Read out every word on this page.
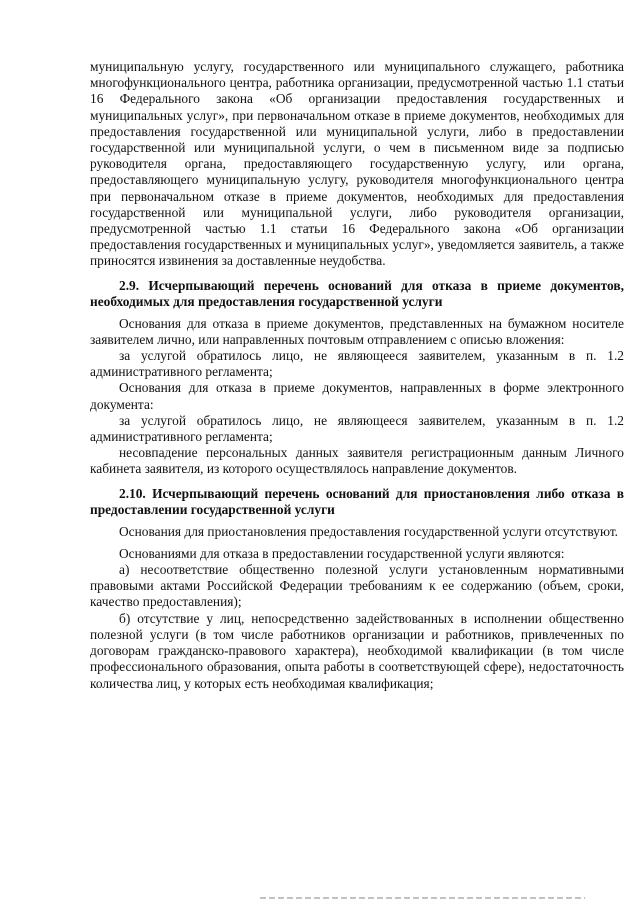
муниципальную услугу, государственного или муниципального служащего, работника многофункционального центра, работника организации, предусмотренной частью 1.1 статьи 16 Федерального закона «Об организации предоставления государственных и муниципальных услуг», при первоначальном отказе в приеме документов, необходимых для предоставления государственной или муниципальной услуги, либо в предоставлении государственной или муниципальной услуги, о чем в письменном виде за подписью руководителя органа, предоставляющего государственную услугу, или органа, предоставляющего муниципальную услугу, руководителя многофункционального центра при первоначальном отказе в приеме документов, необходимых для предоставления государственной или муниципальной услуги, либо руководителя организации, предусмотренной частью 1.1 статьи 16 Федерального закона «Об организации предоставления государственных и муниципальных услуг», уведомляется заявитель, а также приносятся извинения за доставленные неудобства.

2.9. Исчерпывающий перечень оснований для отказа в приеме документов, необходимых для предоставления государственной услуги

Основания для отказа в приеме документов, представленных на бумажном носителе заявителем лично, или направленных почтовым отправлением с описью вложения:

за услугой обратилось лицо, не являющееся заявителем, указанным в п. 1.2 административного регламента;

Основания для отказа в приеме документов, направленных в форме электронного документа:

за услугой обратилось лицо, не являющееся заявителем, указанным в п. 1.2 административного регламента;

несовпадение персональных данных заявителя регистрационным данным Личного кабинета заявителя, из которого осуществлялось направление документов.

2.10. Исчерпывающий перечень оснований для приостановления либо отказа в предоставлении государственной услуги

Основания для приостановления предоставления государственной услуги отсутствуют.

Основаниями для отказа в предоставлении государственной услуги являются:

а) несоответствие общественно полезной услуги установленным нормативными правовыми актами Российской Федерации требованиям к ее содержанию (объем, сроки, качество предоставления);

б) отсутствие у лиц, непосредственно задействованных в исполнении общественно полезной услуги (в том числе работников организации и работников, привлеченных по договорам гражданско-правового характера), необходимой квалификации (в том числе профессионального образования, опыта работы в соответствующей сфере), недостаточность количества лиц, у которых есть необходимая квалификация;
